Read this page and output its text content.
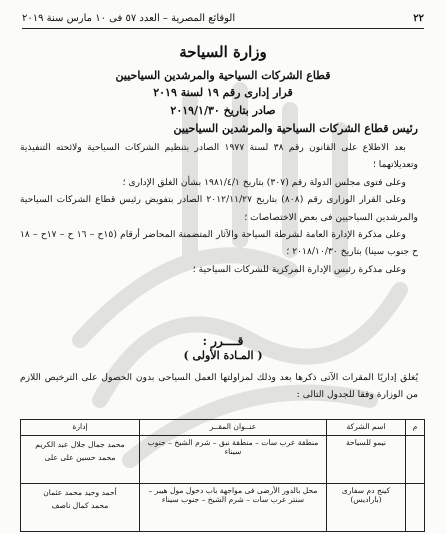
٢٢
الوقائع المصرية – العدد ٥٧ فى ١٠ مارس سنة ٢٠١٩
وزارة السياحة
قطاع الشركات السياحية والمرشدين السياحيين
قرار إدارى رقم ١٩ لسنة ٢٠١٩
صادر بتاريخ ٢٠١٩/١/٣٠
رئيس قطاع الشركات السياحية والمرشدين السياحيين

بعد الاطلاع على القانون رقم ٣٨ لسنة ١٩٧٧ الصادر بتنظيم الشركات السياحية ولائحته التنفيذية وتعديلاتهما ؛

وعلى فتوى مجلس الدولة رقم (٣٠٧) بتاريخ ١٩٨١/٤/١ بشأن الغلق الإدارى ؛

وعلى القرار الوزارى رقم (٨٠٨) بتاريخ ٢٠١٢/١١/٢٧ الصادر بتفويض رئيس قطاع الشركات السياحية والمرشدين السياحيين فى بعض الاختصاصات ؛

وعلى مذكرة الإدارة العامة لشرطة السياحة والآثار المتضمنة المحاضر أرقام (١٥ح – ١٦ ح – ١٧ح – ١٨ ح جنوب سينا) بتاريخ ٢٠١٨/١٠/٣٠ ؛

وعلى مذكرة رئيس الإدارة المركزية للشركات السياحية ؛

قــــرر :
( المـادة الأولى )

يُغلق إداريًا المقرات الآتى ذكرها بعد وذلك لمزاولتها العمل السياحى بدون الحصول على الترخيص اللازم من الوزارة وفقا للجدول التالى :

م	اسم الشركة	عنــوان المقــر	إدارة
	نيمو للسياحة	منطقة عرب سات – منطقة نبق – شرم الشيخ – جنوب سيناء	محمد جمال جلال عبد الكريم
محمد حسين على على

	كينج دم سفارى (باراديس)	محل بالدور الأرضى فى مواجهة باب دخول مول هيبر – سنتر عرب سات – شرم الشيخ – جنوب سيناء	أحمد وحيد محمد عثمان
محمد كمال ناصف
